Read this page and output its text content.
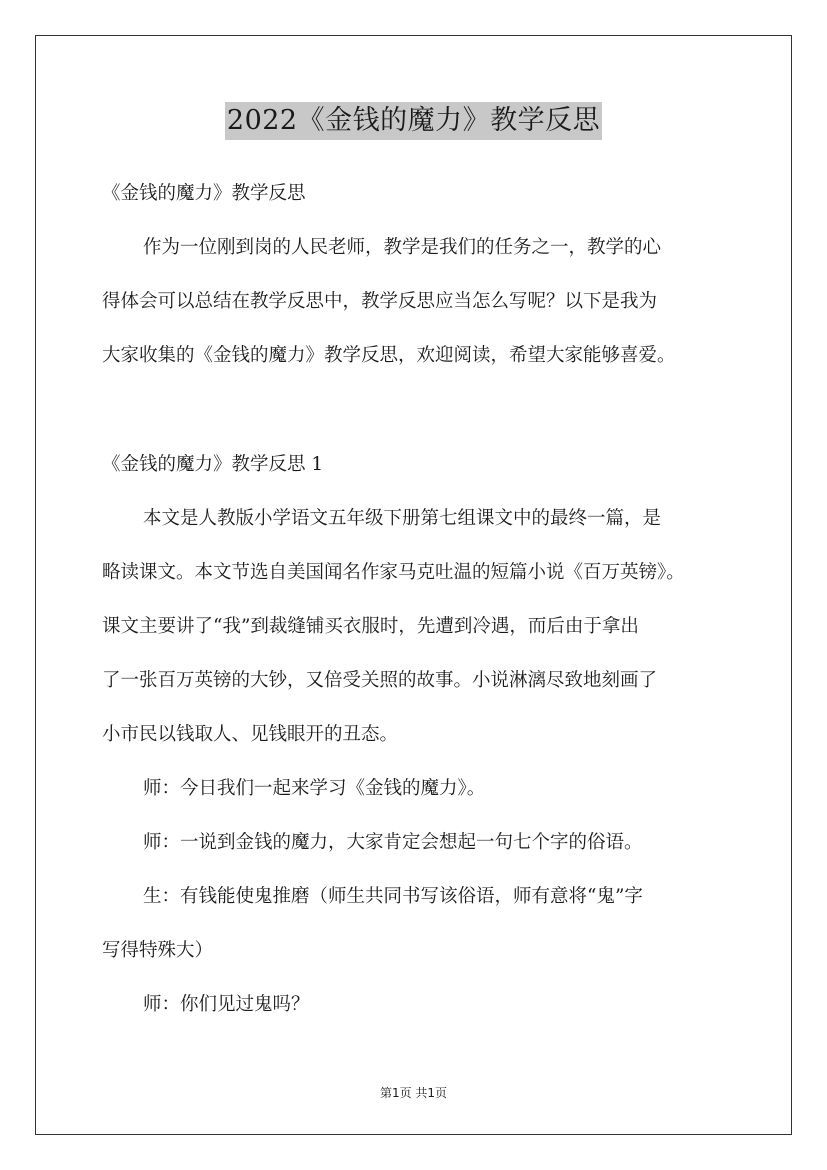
2022《金钱的魔力》教学反思
《金钱的魔力》教学反思
作为一位刚到岗的人民老师，教学是我们的任务之一，教学的心
得体会可以总结在教学反思中，教学反思应当怎么写呢？以下是我为
大家收集的《金钱的魔力》教学反思，欢迎阅读，希望大家能够喜爱。
《金钱的魔力》教学反思 1
本文是人教版小学语文五年级下册第七组课文中的最终一篇，是
略读课文。本文节选自美国闻名作家马克吐温的短篇小说《百万英镑》。
课文主要讲了“我”到裁缝铺买衣服时，先遭到冷遇，而后由于拿出
了一张百万英镑的大钞，又倍受关照的故事。小说淋漓尽致地刻画了
小市民以钱取人、见钱眼开的丑态。
师：今日我们一起来学习《金钱的魔力》。
师：一说到金钱的魔力，大家肯定会想起一句七个字的俗语。
生：有钱能使鬼推磨（师生共同书写该俗语，师有意将“鬼”字
写得特殊大）
师：你们见过鬼吗？
第1页 共1页
